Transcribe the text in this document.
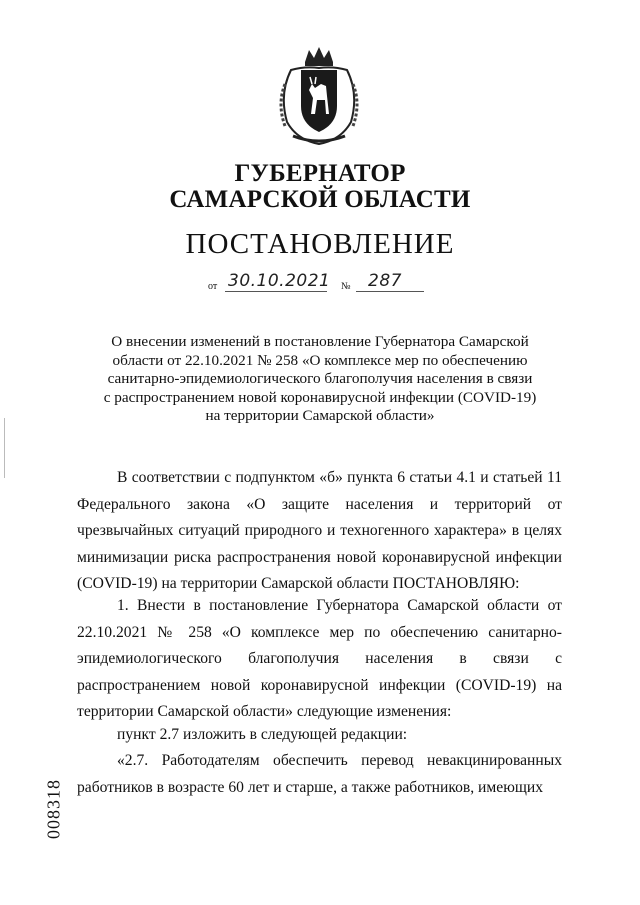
ГУБЕРНАТОР
САМАРСКОЙ ОБЛАСТИ
ПОСТАНОВЛЕНИЕ
от 30.10.2021 № 287
О внесении изменений в постановление Губернатора Самарской
области от 22.10.2021 № 258 «О комплексе мер по обеспечению
санитарно-эпидемиологического благополучия населения в связи
с распространением новой коронавирусной инфекции (COVID-19)
на территории Самарской области»
В соответствии с подпунктом «б» пункта 6 статьи 4.1 и статьей 11 Федерального закона «О защите населения и территорий от чрезвычайных ситуаций природного и техногенного характера» в целях минимизации риска распространения новой коронавирусной инфекции (COVID-19) на территории Самарской области ПОСТАНОВЛЯЮ:
1. Внести в постановление Губернатора Самарской области от 22.10.2021 № 258 «О комплексе мер по обеспечению санитарно-эпидемиологического благополучия населения в связи с распространением новой коронавирусной инфекции (COVID-19) на территории Самарской области» следующие изменения:
пункт 2.7 изложить в следующей редакции:
«2.7. Работодателям обеспечить перевод невакцинированных работников в возрасте 60 лет и старше, а также работников, имеющих
008318
